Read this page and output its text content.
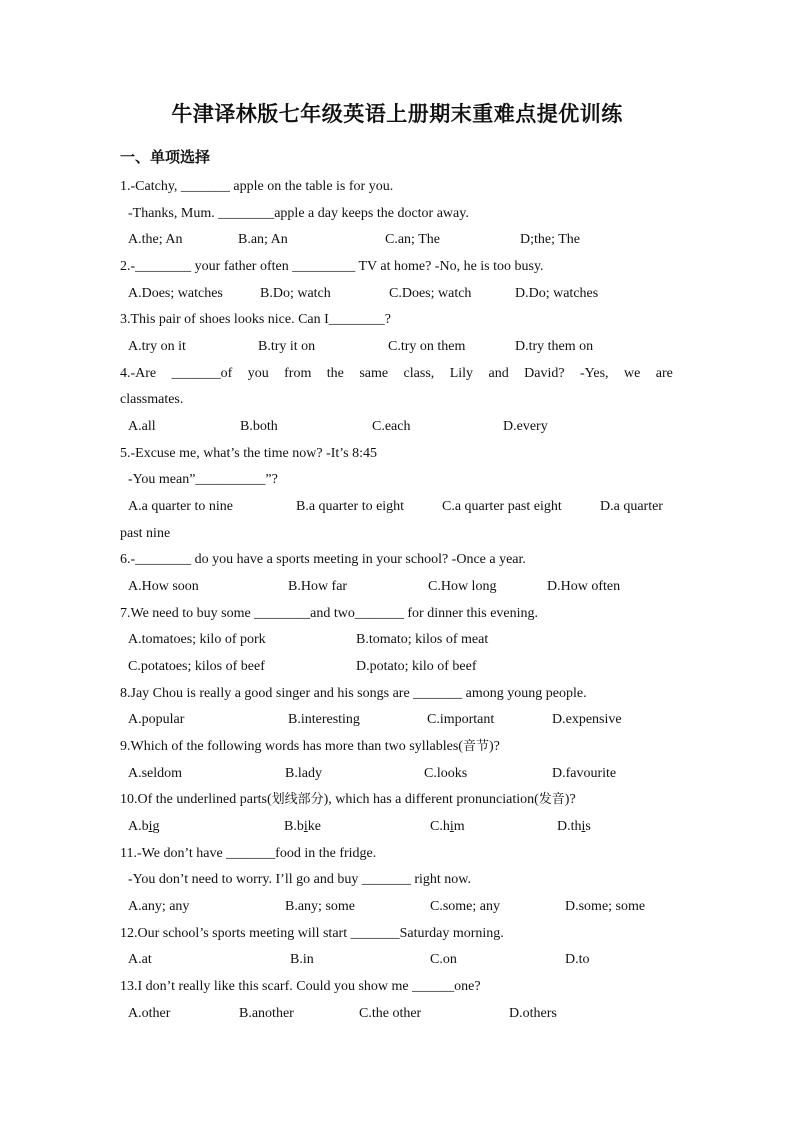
牛津译林版七年级英语上册期末重难点提优训练
一、单项选择
1.-Catchy, _______ apple on the table is for you.
-Thanks, Mum. ________apple a day keeps the doctor away.
A.the; An	B.an; An	C.an; The	D;the; The
2.-________ your father often _________ TV at home? -No, he is too busy.
A.Does; watches	B.Do; watch	C.Does; watch	D.Do; watches
3.This pair of shoes looks nice. Can I________?
A.try on it	B.try it on	C.try on them	D.try them on
4.-Are _______of you from the same class, Lily and David? -Yes, we are
classmates.
A.all	B.both	C.each	D.every
5.-Excuse me, what’s the time now? -It’s 8:45
-You mean”__________”?
A.a quarter to nine	B.a quarter to eight	C.a quarter past eight	D.a quarter
past nine
6.-________ do you have a sports meeting in your school? -Once a year.
A.How soon	B.How far	C.How long	D.How often
7.We need to buy some ________and two_______ for dinner this evening.
A.tomatoes; kilo of pork	B.tomato; kilos of meat
C.potatoes; kilos of beef	D.potato; kilo of beef
8.Jay Chou is really a good singer and his songs are _______ among young people.
A.popular	B.interesting	C.important	D.expensive
9.Which of the following words has more than two syllables(音节)?
A.seldom	B.lady	C.looks	D.favourite
10.Of the underlined parts(划线部分), which has a different pronunciation(发音)?
A.big	B.bike	C.him	D.this
11.-We don’t have _______food in the fridge.
-You don’t need to worry. I’ll go and buy _______ right now.
A.any; any	B.any; some	C.some; any	D.some; some
12.Our school’s sports meeting will start _______Saturday morning.
A.at	B.in	C.on	D.to
13.I don’t really like this scarf. Could you show me ______one?
A.other	B.another	C.the other	D.others
